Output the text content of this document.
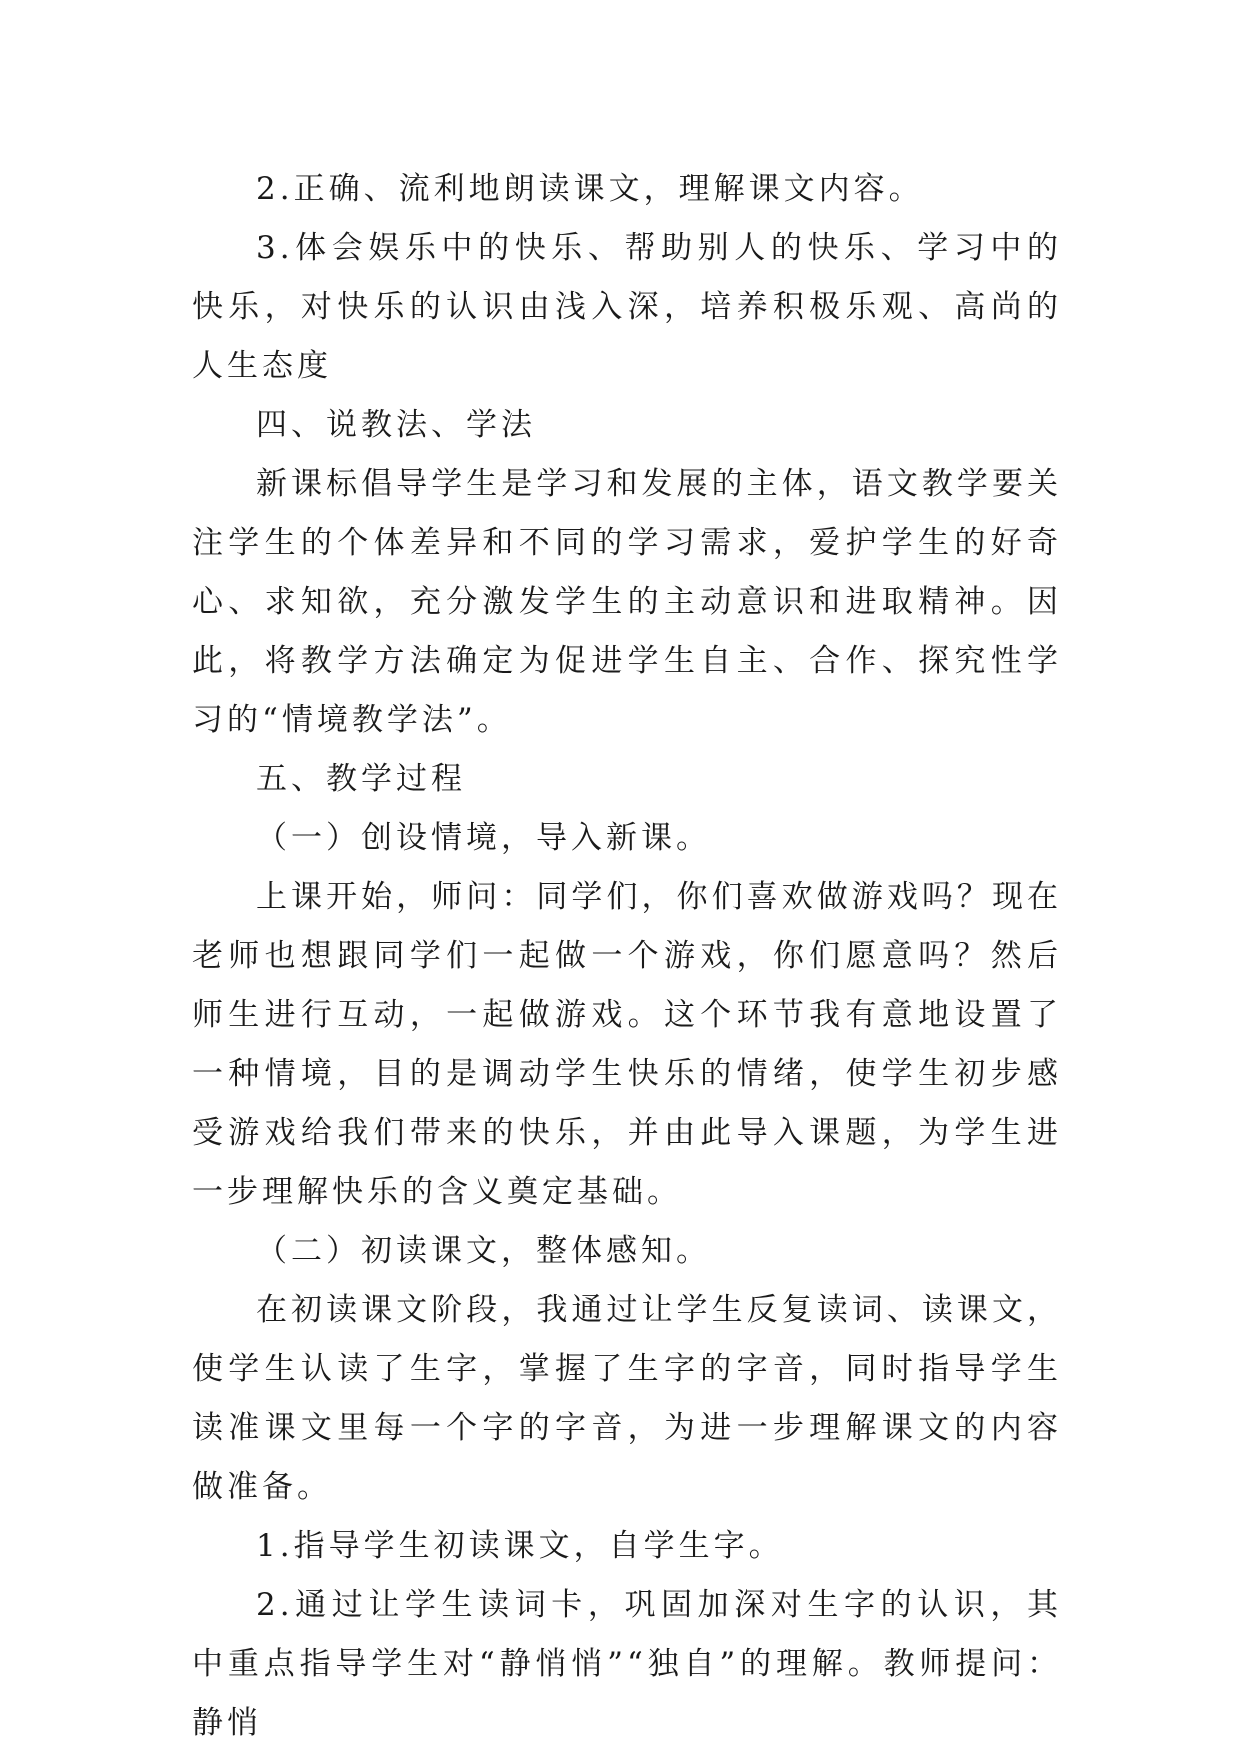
2.正确、流利地朗读课文，理解课文内容。

3.体会娱乐中的快乐、帮助别人的快乐、学习中的快乐，对快乐的认识由浅入深，培养积极乐观、高尚的人生态度

四、说教法、学法

新课标倡导学生是学习和发展的主体，语文教学要关注学生的个体差异和不同的学习需求，爱护学生的好奇心、求知欲，充分激发学生的主动意识和进取精神。因此，将教学方法确定为促进学生自主、合作、探究性学习的“情境教学法”。

五、教学过程

（一）创设情境，导入新课。

上课开始，师问：同学们，你们喜欢做游戏吗？现在老师也想跟同学们一起做一个游戏，你们愿意吗？然后师生进行互动，一起做游戏。这个环节我有意地设置了一种情境，目的是调动学生快乐的情绪，使学生初步感受游戏给我们带来的快乐，并由此导入课题，为学生进一步理解快乐的含义奠定基础。

（二）初读课文，整体感知。

在初读课文阶段，我通过让学生反复读词、读课文，使学生认读了生字，掌握了生字的字音，同时指导学生读准课文里每一个字的字音，为进一步理解课文的内容做准备。

1.指导学生初读课文，自学生字。

2.通过让学生读词卡，巩固加深对生字的认识，其中重点指导学生对“静悄悄”“独自”的理解。教师提问：静悄
